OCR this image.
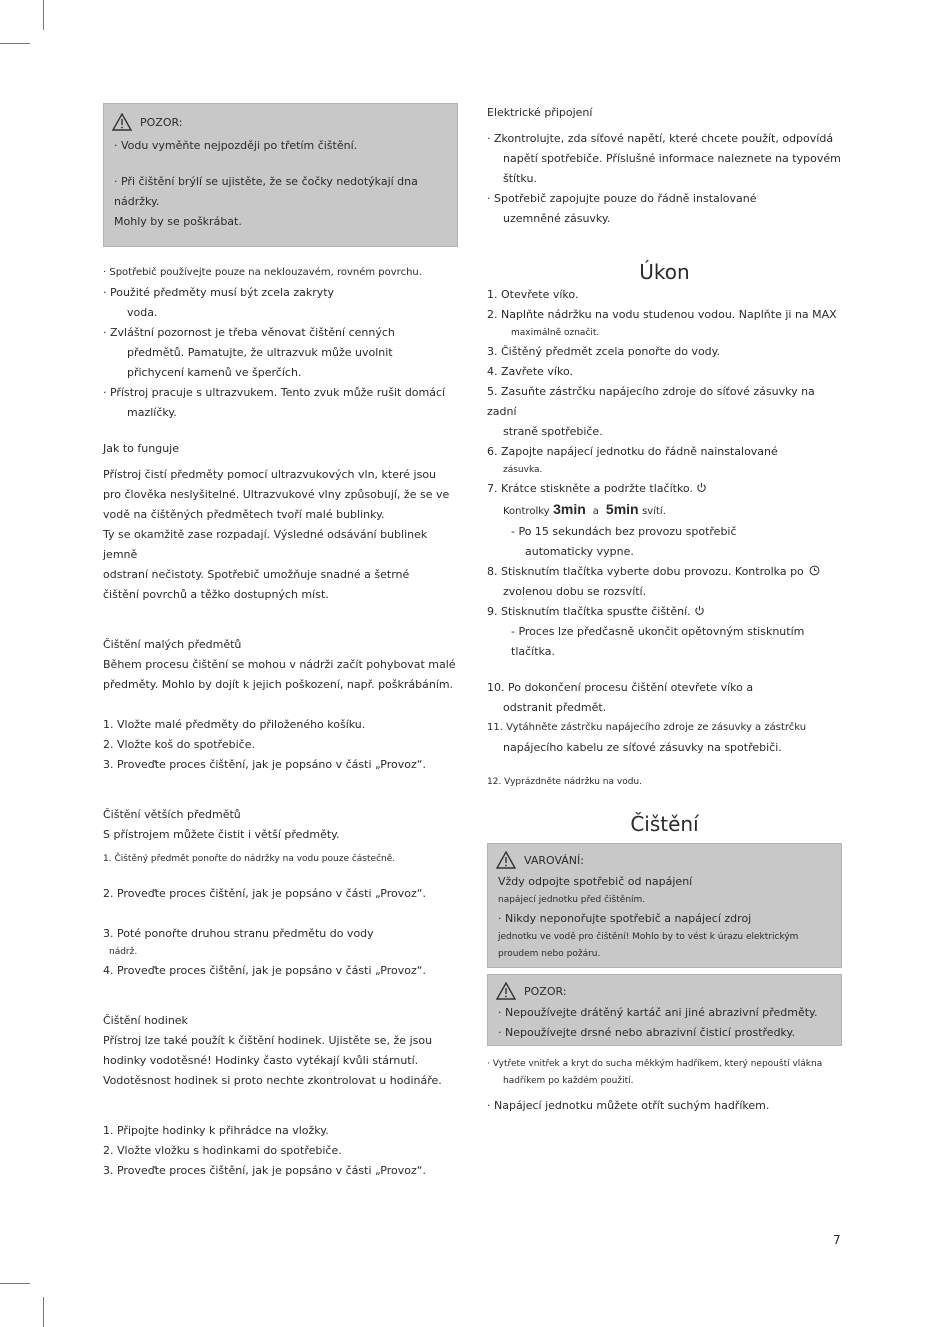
POZOR:

· Vodu vyměňte nejpozději po třetím čištění.

· Při čištění brýlí se ujistěte, že se čočky nedotýkají dna nádržky.

Mohly by se poškrábat.

· Spotřebič používejte pouze na neklouzavém, rovném povrchu.

· Použité předměty musí být zcela zakryty

voda.

· Zvláštní pozornost je třeba věnovat čištění cenných

předmětů. Pamatujte, že ultrazvuk může uvolnit

přichycení kamenů ve šperčích.

· Přístroj pracuje s ultrazvukem. Tento zvuk může rušit domácí

mazlíčky.

Jak to funguje

Přístroj čistí předměty pomocí ultrazvukových vln, které jsou

pro člověka neslyšitelné. Ultrazvukové vlny způsobují, že se ve

vodě na čištěných předmětech tvoří malé bublinky.

Ty se okamžitě zase rozpadají. Výsledné odsávání bublinek jemně

odstraní nečistoty. Spotřebič umožňuje snadné a šetrné

čištění povrchů a těžko dostupných míst.

Čištění malých předmětů

Během procesu čištění se mohou v nádrži začít pohybovat malé

předměty. Mohlo by dojít k jejich poškození, např. poškrábáním.

1. Vložte malé předměty do přiloženého košíku.

2. Vložte koš do spotřebiče.

3. Proveďte proces čištění, jak je popsáno v části „Provoz“.

Čištění větších předmětů

S přístrojem můžete čistit i větší předměty.

1. Čištěný předmět ponořte do nádržky na vodu pouze částečně.

2. Proveďte proces čištění, jak je popsáno v části „Provoz“.

3. Poté ponořte druhou stranu předmětu do vody

nádrž.

4. Proveďte proces čištění, jak je popsáno v části „Provoz“.

Čištění hodinek

Přístroj lze také použít k čištění hodinek. Ujistěte se, že jsou

hodinky vodotěsné! Hodinky často vytékají kvůli stárnutí.

Vodotěsnost hodinek si proto nechte zkontrolovat u hodináře.

1. Připojte hodinky k přihrádce na vložky.

2. Vložte vložku s hodinkami do spotřebiče.

3. Proveďte proces čištění, jak je popsáno v části „Provoz“.

Elektrické připojení

· Zkontrolujte, zda síťové napětí, které chcete použít, odpovídá

napětí spotřebiče. Příslušné informace naleznete na typovém

štítku.

· Spotřebič zapojujte pouze do řádně instalované

uzemněné zásuvky.

Úkon

1. Otevřete víko.

2. Naplňte nádržku na vodu studenou vodou. Naplňte ji na MAX

maximálně označit.

3. Čištěný předmět zcela ponořte do vody.

4. Zavřete víko.

5. Zasuňte zástrčku napájecího zdroje do síťové zásuvky na zadní

straně spotřebiče.

6. Zapojte napájecí jednotku do řádně nainstalované

zásuvka.

7. Krátce stiskněte a podržte tlačítko.

Kontrolky 3min a 5min svítí.

- Po 15 sekundách bez provozu spotřebič

automaticky vypne.

8. Stisknutím tlačítka vyberte dobu provozu. Kontrolka po

zvolenou dobu se rozsvítí.

9. Stisknutím tlačítka spusťte čištění.

- Proces lze předčasně ukončit opětovným stisknutím tlačítka.

10. Po dokončení procesu čištění otevřete víko a

odstranit předmět.

11. Vytáhněte zástrčku napájecího zdroje ze zásuvky a zástrčku

napájecího kabelu ze síťové zásuvky na spotřebiči.

12. Vyprázdněte nádržku na vodu.

Čištění
VAROVÁNÍ:

Vždy odpojte spotřebič od napájení

napájecí jednotku před čištěním.

· Nikdy neponořujte spotřebič a napájecí zdroj

jednotku ve vodě pro čištění! Mohlo by to vést k úrazu elektrickým

proudem nebo požáru.

POZOR:

· Nepoužívejte drátěný kartáč ani jiné abrazivní předměty.

· Nepoužívejte drsné nebo abrazivní čisticí prostředky.

· Vytřete vnitřek a kryt do sucha měkkým hadříkem, který nepouští vlákna

hadříkem po každém použití.

· Napájecí jednotku můžete otřít suchým hadříkem.

7
